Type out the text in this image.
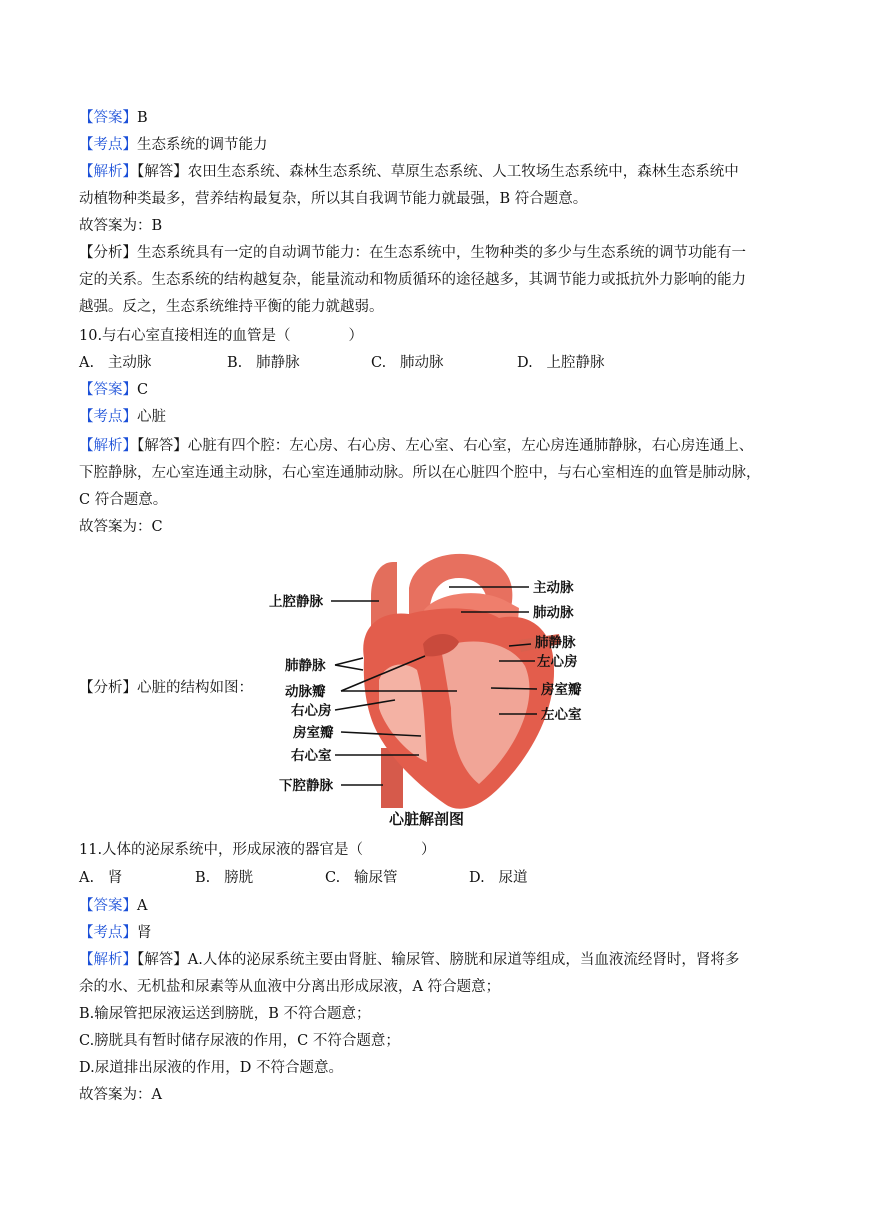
【答案】B
【考点】生态系统的调节能力
【解析】【解答】农田生态系统、森林生态系统、草原生态系统、人工牧场生态系统中，森林生态系统中
动植物种类最多，营养结构最复杂，所以其自我调节能力就最强，B 符合题意。
故答案为：B
【分析】生态系统具有一定的自动调节能力：在生态系统中，生物种类的多少与生态系统的调节功能有一
定的关系。生态系统的结构越复杂，能量流动和物质循环的途径越多，其调节能力或抵抗外力影响的能力
越强。反之，生态系统维持平衡的能力就越弱。
10.与右心室直接相连的血管是（　　　　）
A. 主动脉	B. 肺静脉	C. 肺动脉	D. 上腔静脉
【答案】C
【考点】心脏
【解析】【解答】心脏有四个腔：左心房、右心房、左心室、右心室，左心房连通肺静脉，右心房连通上、
下腔静脉，左心室连通主动脉，右心室连通肺动脉。所以在心脏四个腔中，与右心室相连的血管是肺动脉，
C 符合题意。
故答案为：C
【分析】心脏的结构如图：
上腔静脉
肺静脉
动脉瓣
右心房
房室瓣
右心室
下腔静脉
主动脉
肺动脉
肺静脉
左心房
房室瓣
左心室
心脏解剖图
11.人体的泌尿系统中，形成尿液的器官是（　　　　）
A. 肾	B. 膀胱	C. 输尿管	D. 尿道
【答案】A
【考点】肾
【解析】【解答】A.人体的泌尿系统主要由肾脏、输尿管、膀胱和尿道等组成，当血液流经肾时，肾将多
余的水、无机盐和尿素等从血液中分离出形成尿液，A 符合题意；
B.输尿管把尿液运送到膀胱，B 不符合题意；
C.膀胱具有暂时储存尿液的作用，C 不符合题意；
D.尿道排出尿液的作用，D 不符合题意。
故答案为：A
